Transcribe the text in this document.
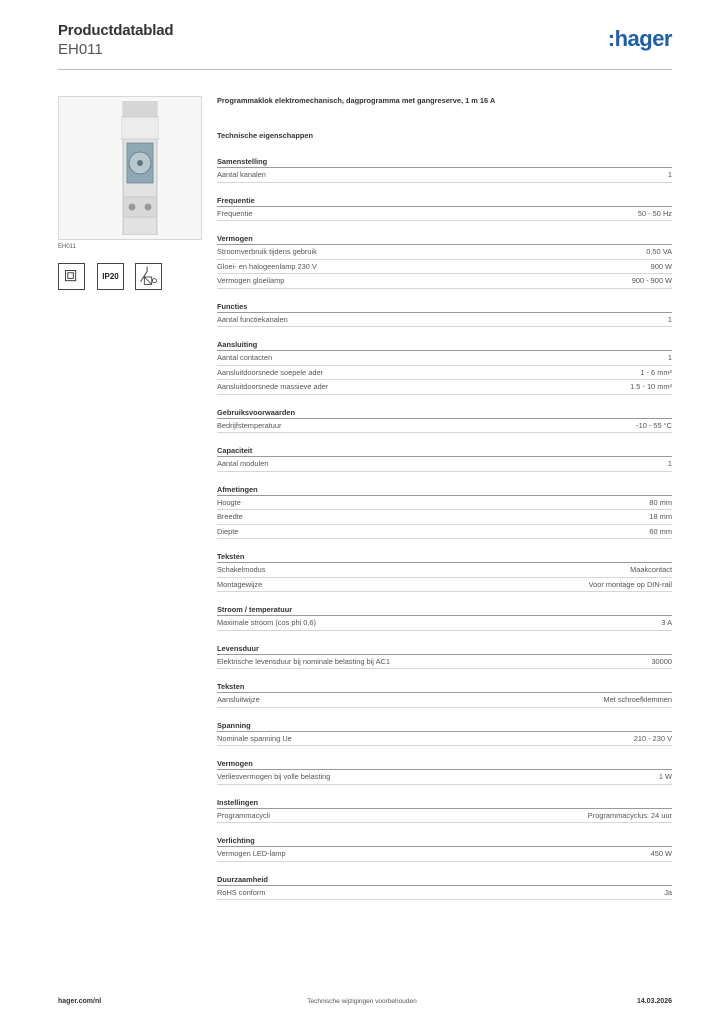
Productdatablad
EH011	:hager
EH011
IP20
Programmaklok elektromechanisch, dagprogramma met gangreserve, 1 m 16 A
Technische eigenschappen
Samenstelling
Aantal kanalen	1
Frequentie
Frequentie	50 - 50 Hz
Vermogen
Stroomverbruik tijdens gebruik	0,50 VA
Gloei- en halogeenlamp 230 V	900 W
Vermogen gloeilamp	900 - 900 W
Functies
Aantal functiekanalen	1
Aansluiting
Aantal contacten	1
Aansluitdoorsnede soepele ader	1 - 6 mm²
Aansluitdoorsnede massieve ader	1.5 - 10 mm²
Gebruiksvoorwaarden
Bedrijfstemperatuur	-10 - 55 °C
Capaciteit
Aantal modulen	1
Afmetingen
Hoogte	80 mm
Breedte	18 mm
Diepte	60 mm
Teksten
Schakelmodus	Maakcontact
Montagewijze	Voor montage op DIN-rail
Stroom / temperatuur
Maximale stroom (cos phi 0,6)	3 A
Levensduur
Elektrische levensduur bij nominale belasting bij AC1	30000
Teksten
Aansluitwijze	Met schroefklemmen
Spanning
Nominale spanning Ue	210 - 230 V
Vermogen
Verliesvermogen bij volle belasting	1 W
Instellingen
Programmacycli	Programmacyclus: 24 uur
Verlichting
Vermogen LED-lamp	450 W
Duurzaamheid
RoHS conform	Ja
hager.com/nl	Technische wijzigingen voorbehouden	14.03.2026
